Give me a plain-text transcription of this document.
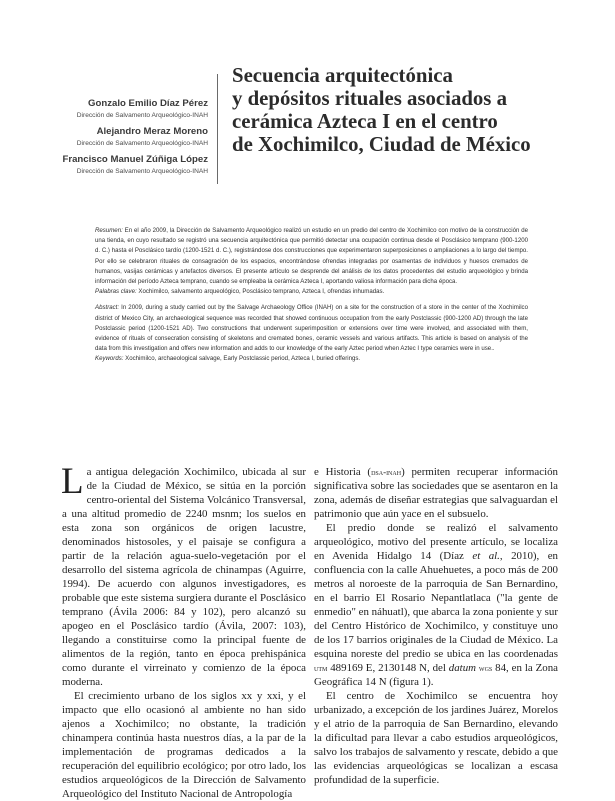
Gonzalo Emilio Díaz Pérez
Dirección de Salvamento Arqueológico-INAH
Alejandro Meraz Moreno
Dirección de Salvamento Arqueológico-INAH
Francisco Manuel Zúñiga López
Dirección de Salvamento Arqueológico-INAH
Secuencia arquitectónica
y depósitos rituales asociados a
cerámica Azteca I en el centro
de Xochimilco, Ciudad de México

Resumen: En el año 2009, la Dirección de Salvamento Arqueológico realizó un estudio en un predio del centro de Xochimilco con motivo de la construcción de una tienda, en cuyo resultado se registró una secuencia arquitectónica que permitió detectar una ocupación continua desde el Posclásico temprano (900-1200 d. C.) hasta el Posclásico tardío (1200-1521 d. C.), registrándose dos construcciones que experimentaron superposiciones o ampliaciones a lo largo del tiempo. Por ello se celebraron rituales de consagración de los espacios, encontrándose ofrendas integradas por osamentas de individuos y huesos cremados de humanos, vasijas cerámicas y artefactos diversos. El presente artículo se desprende del análisis de los datos procedentes del estudio arqueológico y brinda información del período Azteca temprano, cuando se empleaba la cerámica Azteca I, aportando valiosa información para dicha época.

Palabras clave: Xochimilco, salvamento arqueológico, Posclásico temprano, Azteca I, ofrendas inhumadas.

Abstract: In 2009, during a study carried out by the Salvage Archaeology Office (INAH) on a site for the construction of a store in the center of the Xochimilco district of Mexico City, an archaeological sequence was recorded that showed continuous occupation from the early Postclassic (900-1200 AD) through the late Postclassic period (1200-1521 AD). Two constructions that underwent superimposition or extensions over time were involved, and associated with them, evidence of rituals of consecration consisting of skeletons and cremated bones, ceramic vessels and various artifacts. This article is based on analysis of the data from this investigation and offers new information and adds to our knowledge of the early Aztec period when Aztec I type ceramics were in use..

Keywords: Xochimilco, archaeological salvage, Early Postclassic period, Azteca I, buried offerings.

La antigua delegación Xochimilco, ubicada al sur de la Ciudad de México, se sitúa en la porción centro-oriental del Sistema Volcánico Transversal, a una altitud promedio de 2240 msnm; los suelos en esta zona son orgánicos de origen lacustre, denominados histosoles, y el paisaje se configura a partir de la relación agua-suelo-vegetación por el desarrollo del sistema agrícola de chinampas (Aguirre, 1994). De acuerdo con algunos investigadores, es probable que este sistema surgiera durante el Posclásico temprano (Ávila 2006: 84 y 102), pero alcanzó su apogeo en el Posclásico tardío (Ávila, 2007: 103), llegando a constituirse como la principal fuente de alimentos de la región, tanto en época prehispánica como durante el virreinato y comienzo de la época moderna.

El crecimiento urbano de los siglos xx y xxi, y el impacto que ello ocasionó al ambiente no han sido ajenos a Xochimilco; no obstante, la tradición chinampera continúa hasta nuestros días, a la par de la implementación de programas dedicados a la recuperación del equilibrio ecológico; por otro lado, los estudios arqueológicos de la Dirección de Salvamento Arqueológico del Instituto Nacional de Antropología

e Historia (dsa-inah) permiten recuperar información significativa sobre las sociedades que se asentaron en la zona, además de diseñar estrategias que salvaguardan el patrimonio que aún yace en el subsuelo.

El predio donde se realizó el salvamento arqueológico, motivo del presente artículo, se localiza en Avenida Hidalgo 14 (Díaz et al., 2010), en confluencia con la calle Ahuehuetes, a poco más de 200 metros al noroeste de la parroquia de San Bernardino, en el barrio El Rosario Nepantlatlaca ("la gente de enmedio" en náhuatl), que abarca la zona poniente y sur del Centro Histórico de Xochimilco, y constituye uno de los 17 barrios originales de la Ciudad de México. La esquina noreste del predio se ubica en las coordenadas utm 489169 E, 2130148 N, del datum wgs 84, en la Zona Geográfica 14 N (figura 1).

El centro de Xochimilco se encuentra hoy urbanizado, a excepción de los jardines Juárez, Morelos y el atrio de la parroquia de San Bernardino, elevando la dificultad para llevar a cabo estudios arqueológicos, salvo los trabajos de salvamento y rescate, debido a que las evidencias arqueológicas se localizan a escasa profundidad de la superficie.
